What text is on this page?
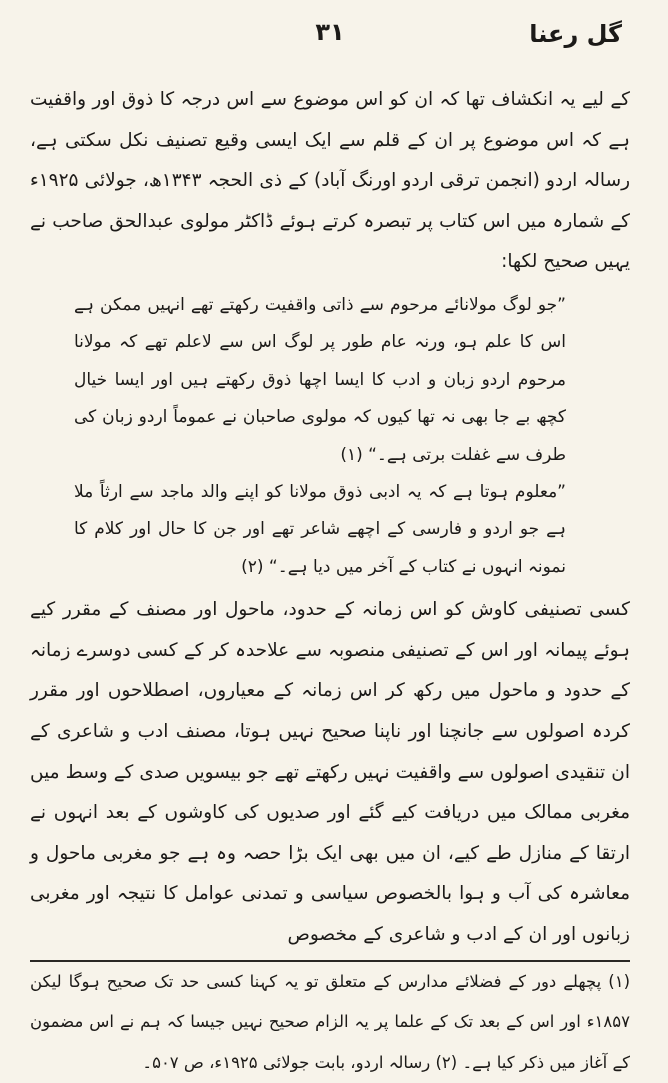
گل رعنا
۳۱

کے لیے یہ انکشاف تھا کہ ان کو اس موضوع سے اس درجہ کا ذوق اور واقفیت ہے کہ اس موضوع پر ان کے قلم سے ایک ایسی وقیع تصنیف نکل سکتی ہے، رسالہ اردو (انجمن ترقی اردو اورنگ آباد) کے ذی الحجہ ۱۳۴۳ھ، جولائی ۱۹۲۵ء کے شمارہ میں اس کتاب پر تبصرہ کرتے ہوئے ڈاکٹر مولوی عبدالحق صاحب نے یہیں صحیح لکھا:

”جو لوگ مولانائے مرحوم سے ذاتی واقفیت رکھتے تھے انہیں ممکن ہے اس کا علم ہو، ورنہ عام طور پر لوگ اس سے لاعلم تھے کہ مولانا مرحوم اردو زبان و ادب کا ایسا اچھا ذوق رکھتے ہیں اور ایسا خیال کچھ بے جا بھی نہ تھا کیوں کہ مولوی صاحبان نے عموماً اردو زبان کی طرف سے غفلت برتی ہے۔“ (۱)

”معلوم ہوتا ہے کہ یہ ادبی ذوق مولانا کو اپنے والد ماجد سے ارثاً ملا ہے جو اردو و فارسی کے اچھے شاعر تھے اور جن کا حال اور کلام کا نمونہ انہوں نے کتاب کے آخر میں دیا ہے۔“ (۲)

کسی تصنیفی کاوش کو اس زمانہ کے حدود، ماحول اور مصنف کے مقرر کیے ہوئے پیمانہ اور اس کے تصنیفی منصوبہ سے علاحدہ کر کے کسی دوسرے زمانہ کے حدود و ماحول میں رکھ کر اس زمانہ کے معیاروں، اصطلاحوں اور مقرر کردہ اصولوں سے جانچنا اور ناپنا صحیح نہیں ہوتا، مصنف ادب و شاعری کے ان تنقیدی اصولوں سے واقفیت نہیں رکھتے تھے جو بیسویں صدی کے وسط میں مغربی ممالک میں دریافت کیے گئے اور صدیوں کی کاوشوں کے بعد انہوں نے ارتقا کے منازل طے کیے، ان میں بھی ایک بڑا حصہ وہ ہے جو مغربی ماحول و معاشرہ کی آب و ہوا بالخصوص سیاسی و تمدنی عوامل کا نتیجہ اور مغربی زبانوں اور ان کے ادب و شاعری کے مخصوص

(۱) پچھلے دور کے فضلائے مدارس کے متعلق تو یہ کہنا کسی حد تک صحیح ہوگا لیکن ۱۸۵۷ء اور اس کے بعد تک کے علما پر یہ الزام صحیح نہیں جیسا کہ ہم نے اس مضمون کے آغاز میں ذکر کیا ہے۔ (۲) رسالہ اردو، بابت جولائی ۱۹۲۵ء، ص ۵۰۷۔
